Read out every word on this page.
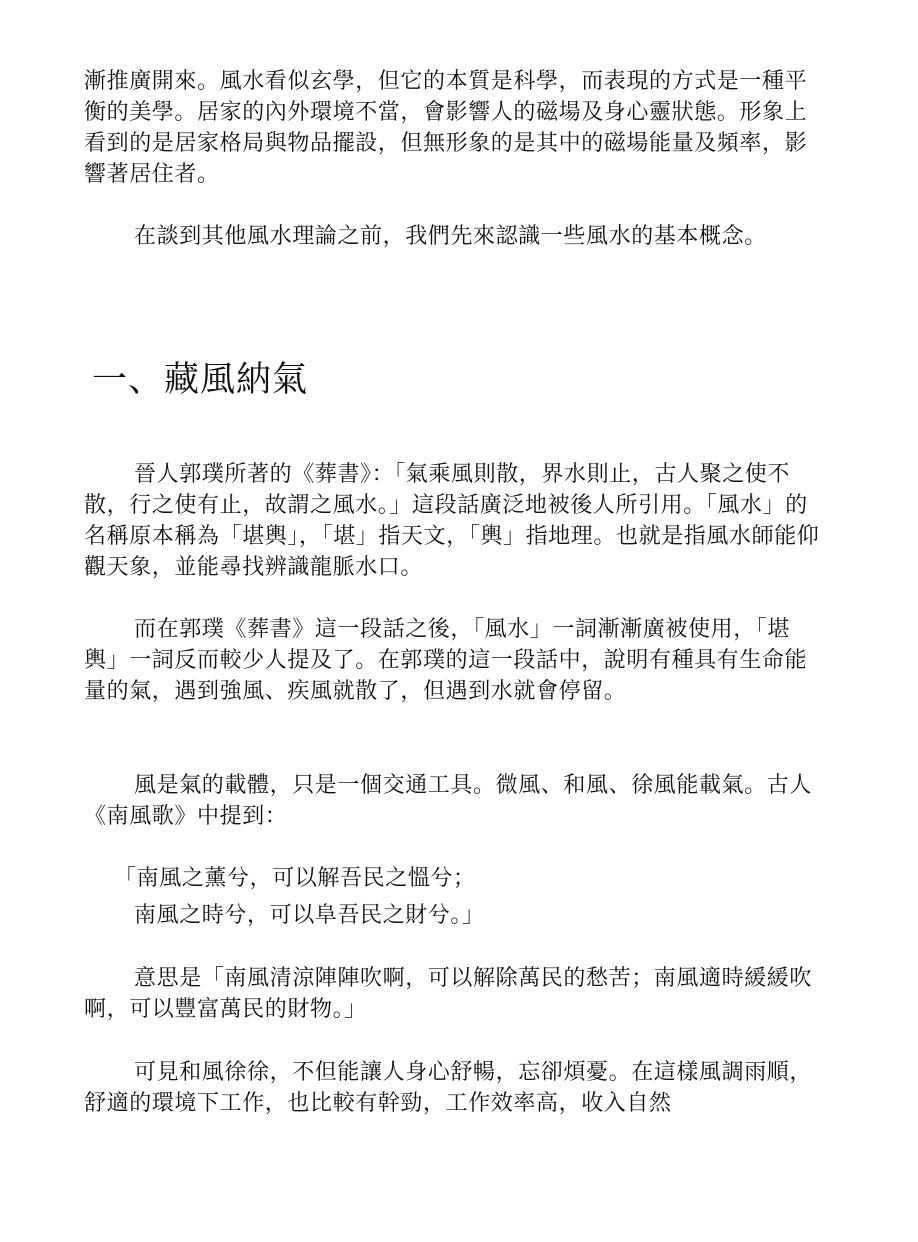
漸推廣開來。風水看似玄學，但它的本質是科學，而表現的方式是一種平衡的美學。居家的內外環境不當，會影響人的磁場及身心靈狀態。形象上看到的是居家格局與物品擺設，但無形象的是其中的磁場能量及頻率，影響著居住者。

在談到其他風水理論之前，我們先來認識一些風水的基本概念。

一、藏風納氣

晉人郭璞所著的《葬書》：「氣乘風則散，界水則止，古人聚之使不散，行之使有止，故謂之風水。」這段話廣泛地被後人所引用。「風水」的名稱原本稱為「堪輿」，「堪」指天文，「輿」指地理。也就是指風水師能仰觀天象，並能尋找辨識龍脈水口。

而在郭璞《葬書》這一段話之後，「風水」一詞漸漸廣被使用，「堪輿」一詞反而較少人提及了。在郭璞的這一段話中，說明有種具有生命能量的氣，遇到強風、疾風就散了，但遇到水就會停留。

風是氣的載體，只是一個交通工具。微風、和風、徐風能載氣。古人《南風歌》中提到：

「南風之薰兮，可以解吾民之慍兮；

南風之時兮，可以阜吾民之財兮。」

意思是「南風清涼陣陣吹啊，可以解除萬民的愁苦；南風適時緩緩吹啊，可以豐富萬民的財物。」

可見和風徐徐，不但能讓人身心舒暢，忘卻煩憂。在這樣風調雨順，舒適的環境下工作，也比較有幹勁，工作效率高，收入自然
